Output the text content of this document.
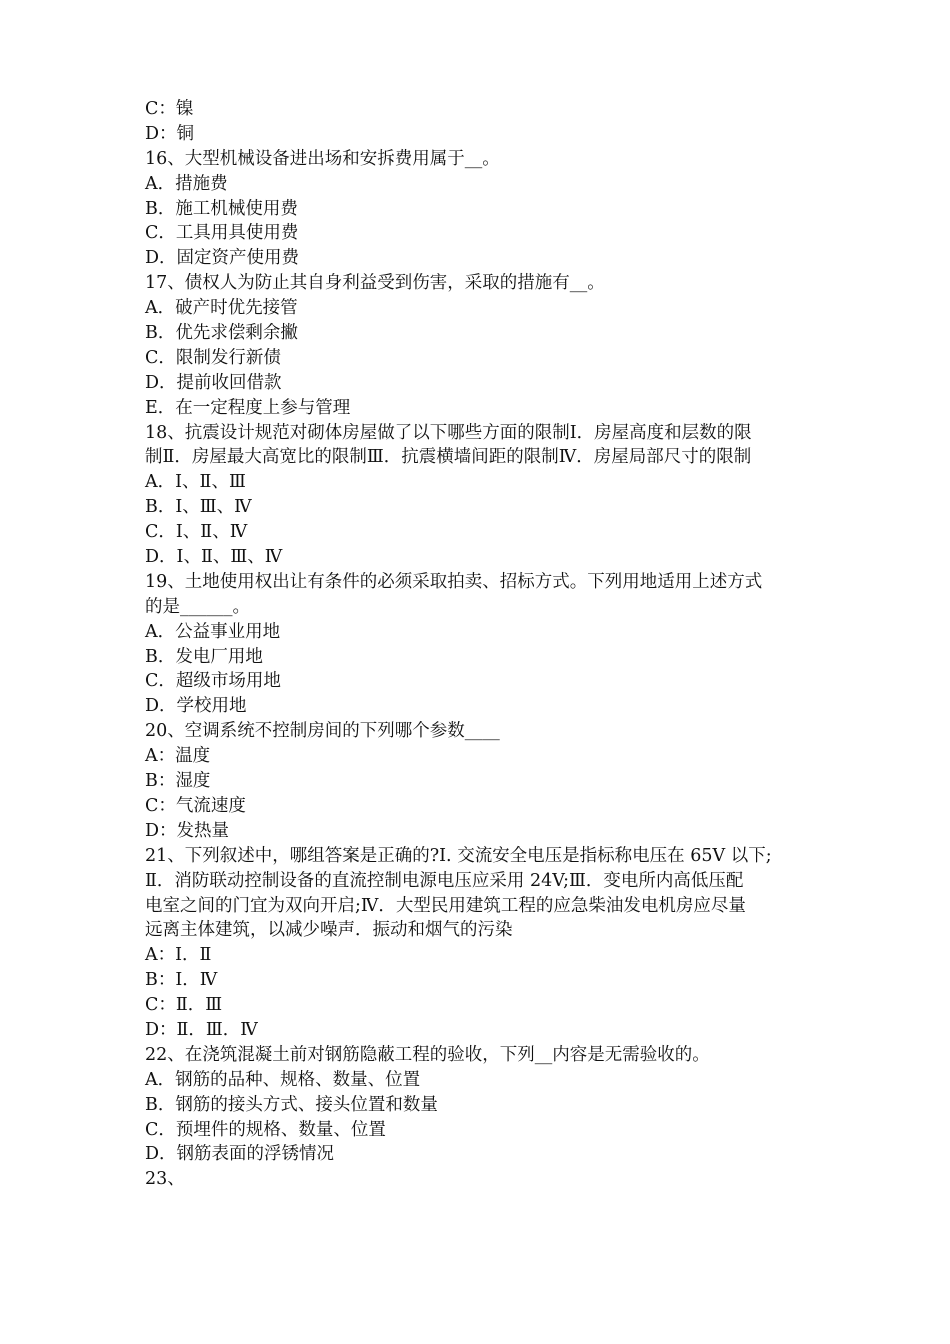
C：镍
D：铜
16、大型机械设备进出场和安拆费用属于__。
A．措施费
B．施工机械使用费
C．工具用具使用费
D．固定资产使用费
17、债权人为防止其自身利益受到伤害，采取的措施有__。
A．破产时优先接管
B．优先求偿剩余撇
C．限制发行新债
D．提前收回借款
E．在一定程度上参与管理
18、抗震设计规范对砌体房屋做了以下哪些方面的限制Ⅰ．房屋高度和层数的限
制Ⅱ．房屋最大高宽比的限制Ⅲ．抗震横墙间距的限制Ⅳ．房屋局部尺寸的限制
A．Ⅰ、Ⅱ、Ⅲ
B．Ⅰ、Ⅲ、Ⅳ
C．Ⅰ、Ⅱ、Ⅳ
D．Ⅰ、Ⅱ、Ⅲ、Ⅳ
19、土地使用权出让有条件的必须采取拍卖、招标方式。下列用地适用上述方式
的是______。
A．公益事业用地
B．发电厂用地
C．超级市场用地
D．学校用地
20、空调系统不控制房间的下列哪个参数____
A：温度
B：湿度
C：气流速度
D：发热量
21、下列叙述中，哪组答案是正确的?Ⅰ. 交流安全电压是指标称电压在 65V 以下;
Ⅱ．消防联动控制设备的直流控制电源电压应采用 24V;Ⅲ．变电所内高低压配
电室之间的门宜为双向开启;Ⅳ．大型民用建筑工程的应急柴油发电机房应尽量
远离主体建筑，以减少噪声．振动和烟气的污染
A：Ⅰ．Ⅱ
B：Ⅰ．Ⅳ
C：Ⅱ．Ⅲ
D：Ⅱ．Ⅲ．Ⅳ
22、在浇筑混凝土前对钢筋隐蔽工程的验收，下列__内容是无需验收的。
A．钢筋的品种、规格、数量、位置
B．钢筋的接头方式、接头位置和数量
C．预埋件的规格、数量、位置
D．钢筋表面的浮锈情况
23、
